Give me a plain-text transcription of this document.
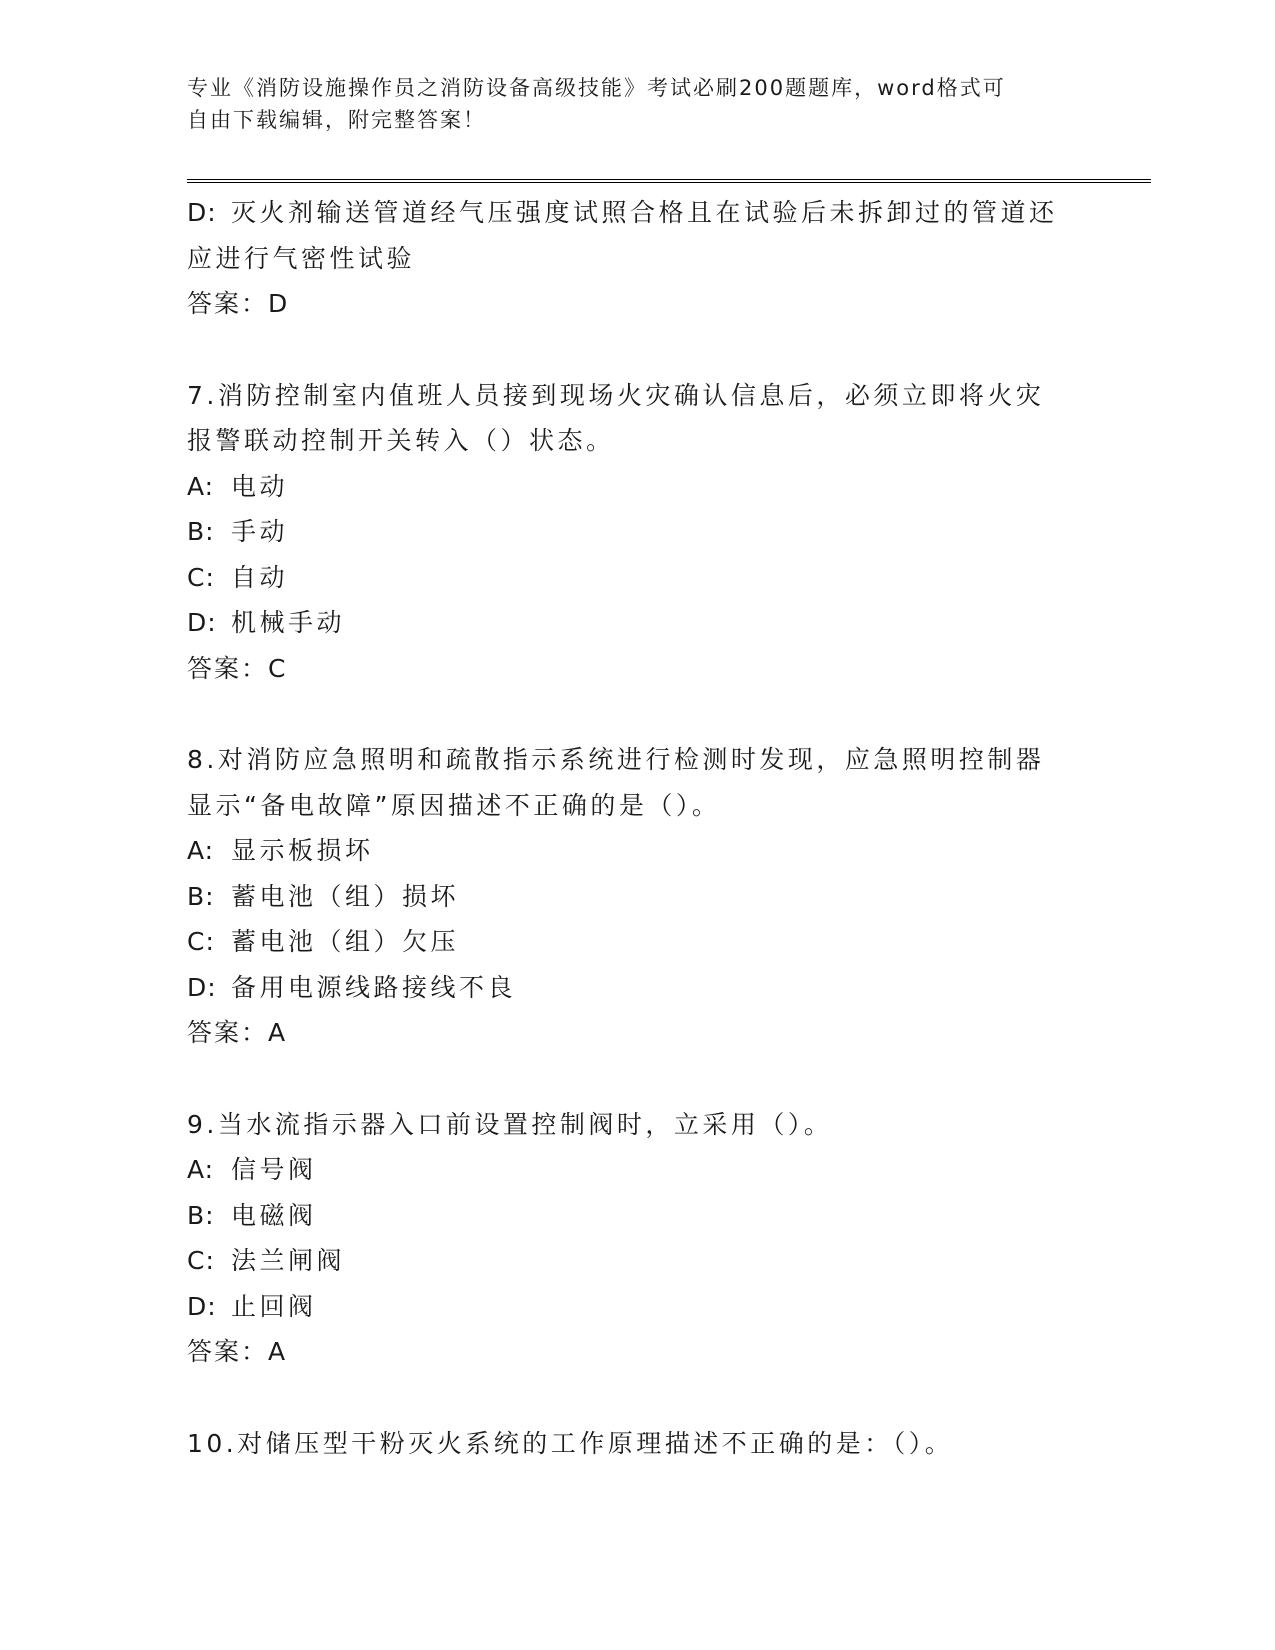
专业《消防设施操作员之消防设备高级技能》考试必刷200题题库，word格式可
自由下载编辑，附完整答案！
D: 灭火剂输送管道经气压强度试照合格且在试验后未拆卸过的管道还
应进行气密性试验
答案：D
7.消防控制室内值班人员接到现场火灾确认信息后，必须立即将火灾
报警联动控制开关转入（）状态。
A: 电动
B: 手动
C: 自动
D: 机械手动
答案：C
8.对消防应急照明和疏散指示系统进行检测时发现，应急照明控制器
显示“备电故障”原因描述不正确的是（）。
A: 显示板损坏
B: 蓄电池（组）损坏
C: 蓄电池（组）欠压
D: 备用电源线路接线不良
答案：A
9.当水流指示器入口前设置控制阀时，立采用（）。
A: 信号阀
B: 电磁阀
C: 法兰闸阀
D: 止回阀
答案：A
10.对储压型干粉灭火系统的工作原理描述不正确的是：（）。
